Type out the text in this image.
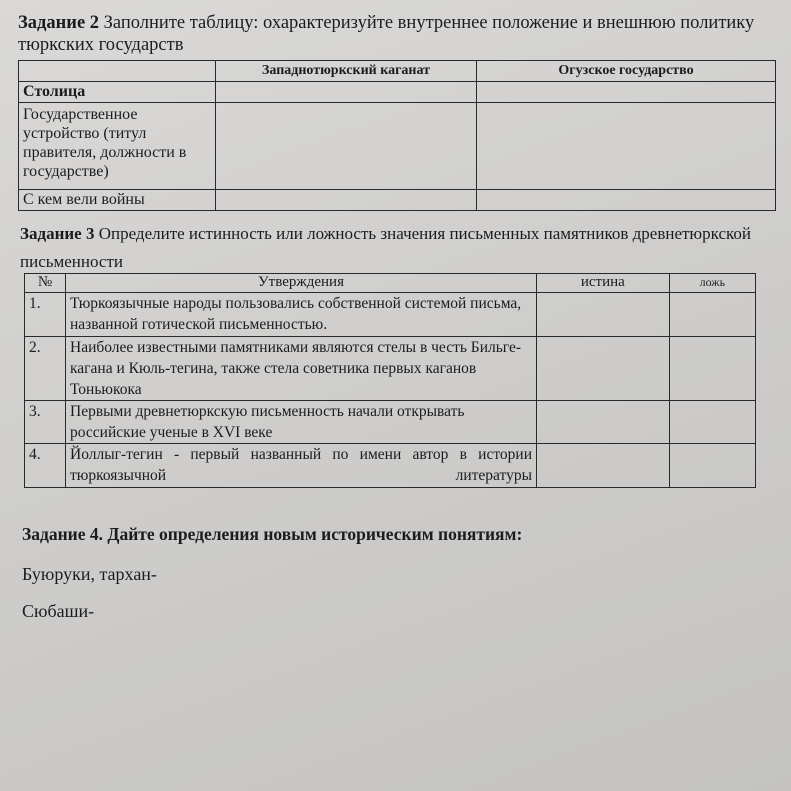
Задание 2 Заполните таблицу: охарактеризуйте внутреннее положение и внешнюю политику тюркских государств
	Западнотюркский каганат	Огузское государство
Столица		
Государственное устройство (титул правителя, должности в государстве)		
С кем вели войны		
Задание 3 Определите истинность или ложность значения письменных памятников древнетюркской письменности
№	Утверждения	истина	ложь
1.	Тюркоязычные народы пользовались собственной системой письма, названной готической письменностью.		
2.	Наиболее известными памятниками являются стелы в честь Бильге-кагана и Кюль-тегина, также стела советника первых каганов Тоньюкока		
3.	Первыми древнетюркскую письменность начали открывать российские ученые в XVI веке		
4.	Йоллыг-тегин - первый названный по имени автор в истории тюркоязычной литературы		
Задание 4. Дайте определения новым историческим понятиям:
Буюруки, тархан-
Сюбаши-
